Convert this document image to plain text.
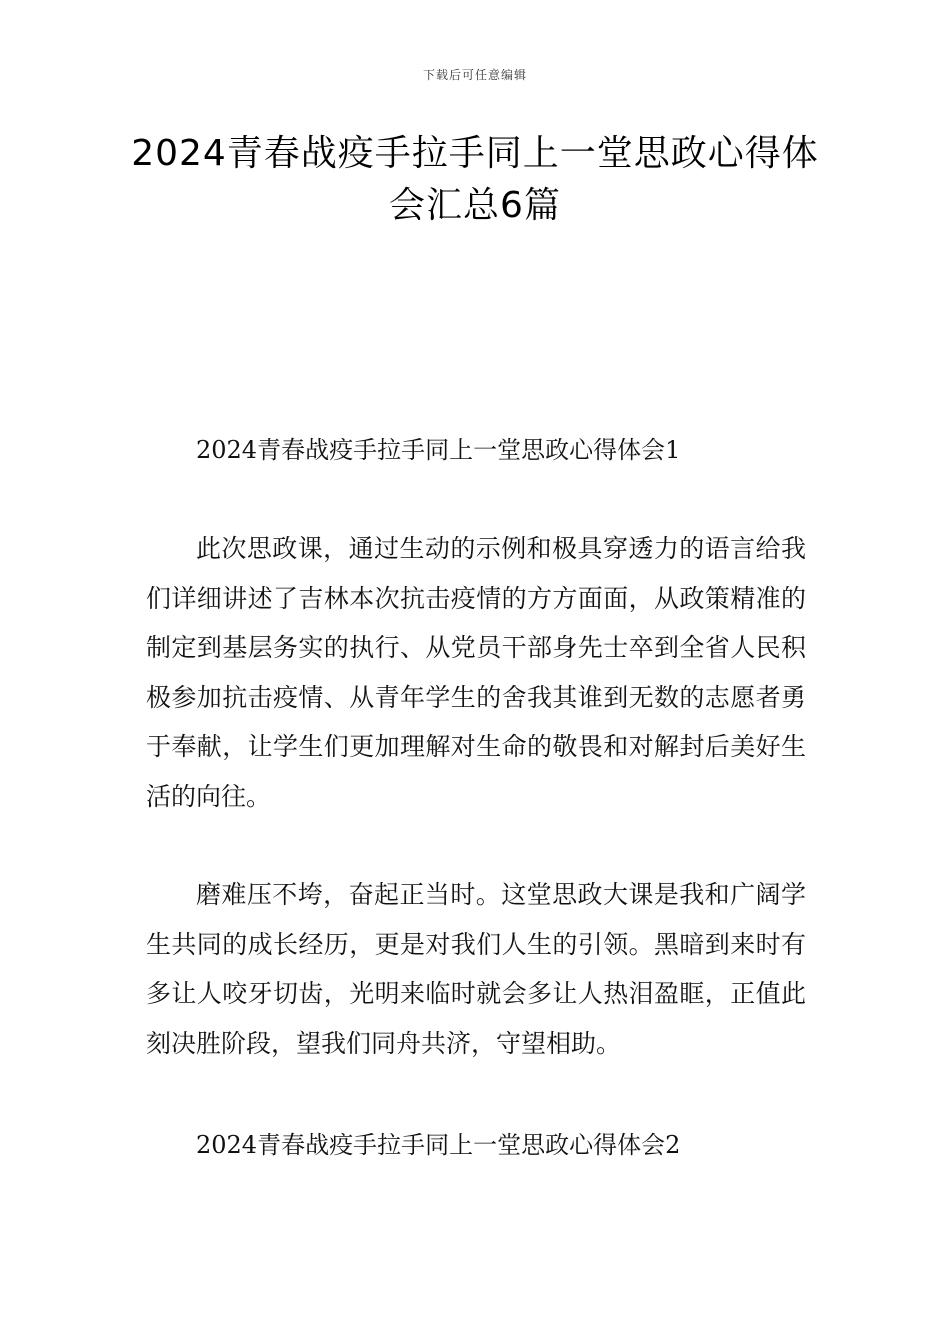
下载后可任意编辑
2024青春战疫手拉手同上一堂思政心得体会汇总6篇
2024青春战疫手拉手同上一堂思政心得体会1
此次思政课，通过生动的示例和极具穿透力的语言给我们详细讲述了吉林本次抗击疫情的方方面面，从政策精准的制定到基层务实的执行、从党员干部身先士卒到全省人民积极参加抗击疫情、从青年学生的舍我其谁到无数的志愿者勇于奉献，让学生们更加理解对生命的敬畏和对解封后美好生活的向往。
磨难压不垮，奋起正当时。这堂思政大课是我和广阔学生共同的成长经历，更是对我们人生的引领。黑暗到来时有多让人咬牙切齿，光明来临时就会多让人热泪盈眶，正值此刻决胜阶段，望我们同舟共济，守望相助。
2024青春战疫手拉手同上一堂思政心得体会2
